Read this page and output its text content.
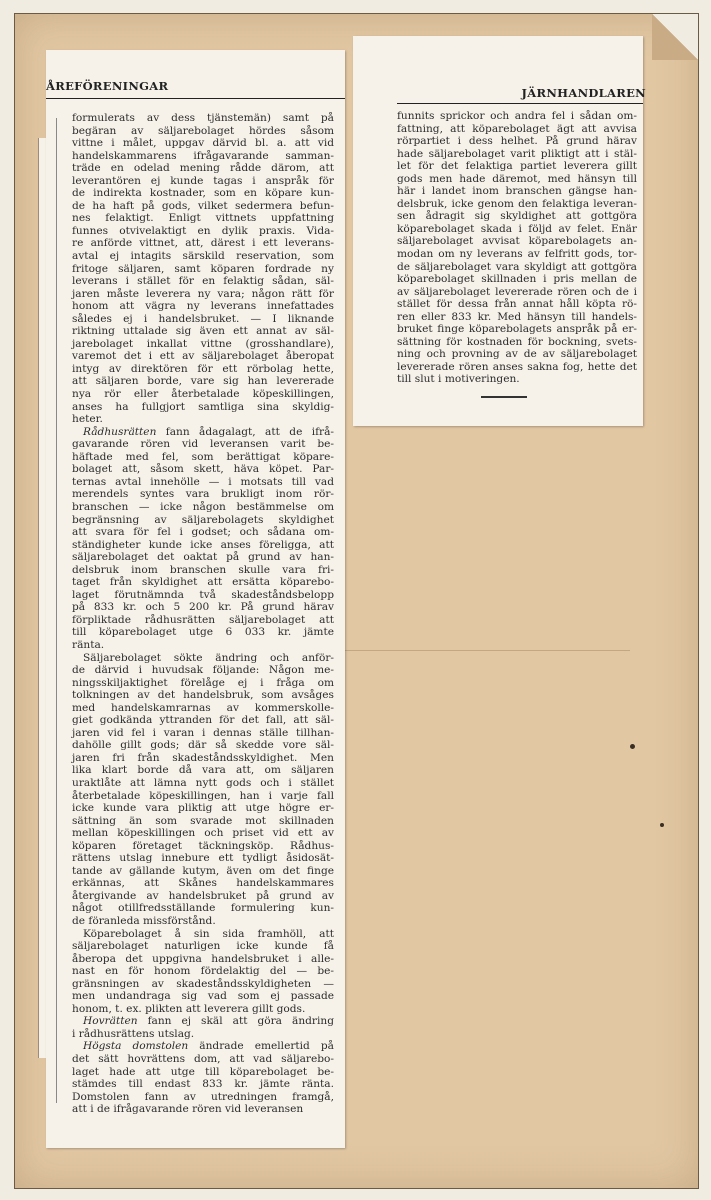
ÅREFÖRENINGAR
formulerats av dess tjänstemän) samt på
begäran av säljarebolaget hördes såsom
vittne i målet, uppgav därvid bl. a. att vid
handelskammarens ifrågavarande samman-
träde en odelad mening rådde därom, att
leverantören ej kunde tagas i anspråk för
de indirekta kostnader, som en köpare kun-
de ha haft på gods, vilket sedermera befun-
nes felaktigt. Enligt vittnets uppfattning
funnes otvivelaktigt en dylik praxis. Vida-
re anförde vittnet, att, därest i ett leverans-
avtal ej intagits särskild reservation, som
fritoge säljaren, samt köparen fordrade ny
leverans i stället för en felaktig sådan, säl-
jaren måste leverera ny vara; någon rätt för
honom att vägra ny leverans innefattades
således ej i handelsbruket. — I liknande
riktning uttalade sig även ett annat av säl-
jarebolaget inkallat vittne (grosshandlare),
varemot det i ett av säljarebolaget åberopat
intyg av direktören för ett rörbolag hette,
att säljaren borde, vare sig han levererade
nya rör eller återbetalade köpeskillingen,
anses ha fullgjort samtliga sina skyldig-
heter.
Rådhusrätten fann ådagalagt, att de ifrå-
gavarande rören vid leveransen varit be-
häftade med fel, som berättigat köpare-
bolaget att, såsom skett, häva köpet. Par-
ternas avtal innehölle — i motsats till vad
merendels syntes vara brukligt inom rör-
branschen — icke någon bestämmelse om
begränsning av säljarebolagets skyldighet
att svara för fel i godset; och sådana om-
ständigheter kunde icke anses föreligga, att
säljarebolaget det oaktat på grund av han-
delsbruk inom branschen skulle vara fri-
taget från skyldighet att ersätta köparebo-
laget förutnämnda två skadeståndsbelopp
på 833 kr. och 5 200 kr. På grund härav
förpliktade rådhusrätten säljarebolaget att
till köparebolaget utge 6 033 kr. jämte
ränta.
Säljarebolaget sökte ändring och anför-
de därvid i huvudsak följande: Någon me-
ningsskiljaktighet förelåge ej i fråga om
tolkningen av det handelsbruk, som avsåges
med handelskamrarnas av kommerskolle-
giet godkända yttranden för det fall, att säl-
jaren vid fel i varan i dennas ställe tillhan-
dahölle gillt gods; där så skedde vore säl-
jaren fri från skadeståndsskyldighet. Men
lika klart borde då vara att, om säljaren
uraktlåte att lämna nytt gods och i stället
återbetalade köpeskillingen, han i varje fall
icke kunde vara pliktig att utge högre er-
sättning än som svarade mot skillnaden
mellan köpeskillingen och priset vid ett av
köparen företaget täckningsköp. Rådhus-
rättens utslag innebure ett tydligt åsidosät-
tande av gällande kutym, även om det finge
erkännas, att Skånes handelskammares
återgivande av handelsbruket på grund av
något otillfredsställande formulering kun-
de föranleda missförstånd.
Köparebolaget å sin sida framhöll, att
säljarebolaget naturligen icke kunde få
åberopa det uppgivna handelsbruket i alle-
nast en för honom fördelaktig del — be-
gränsningen av skadeståndsskyldigheten —
men undandraga sig vad som ej passade
honom, t. ex. plikten att leverera gillt gods.
Hovrätten fann ej skäl att göra ändring
i rådhusrättens utslag.
Högsta domstolen ändrade emellertid på
det sätt hovrättens dom, att vad säljarebo-
laget hade att utge till köparebolaget be-
stämdes till endast 833 kr. jämte ränta.
Domstolen fann av utredningen framgå,
att i de ifrågavarande rören vid leveransen
JÄRNHANDLAREN
funnits sprickor och andra fel i sådan om-
fattning, att köparebolaget ägt att avvisa
rörpartiet i dess helhet. På grund härav
hade säljarebolaget varit pliktigt att i stäl-
let för det felaktiga partiet leverera gillt
gods men hade däremot, med hänsyn till
här i landet inom branschen gängse han-
delsbruk, icke genom den felaktiga leveran-
sen ådragit sig skyldighet att gottgöra
köparebolaget skada i följd av felet. Enär
säljarebolaget avvisat köparebolagets an-
modan om ny leverans av felfritt gods, tor-
de säljarebolaget vara skyldigt att gottgöra
köparebolaget skillnaden i pris mellan de
av säljarebolaget levererade rören och de i
stället för dessa från annat håll köpta rö-
ren eller 833 kr. Med hänsyn till handels-
bruket finge köparebolagets anspråk på er-
sättning för kostnaden för bockning, svets-
ning och provning av de av säljarebolaget
levererade rören anses sakna fog, hette det
till slut i motiveringen.
